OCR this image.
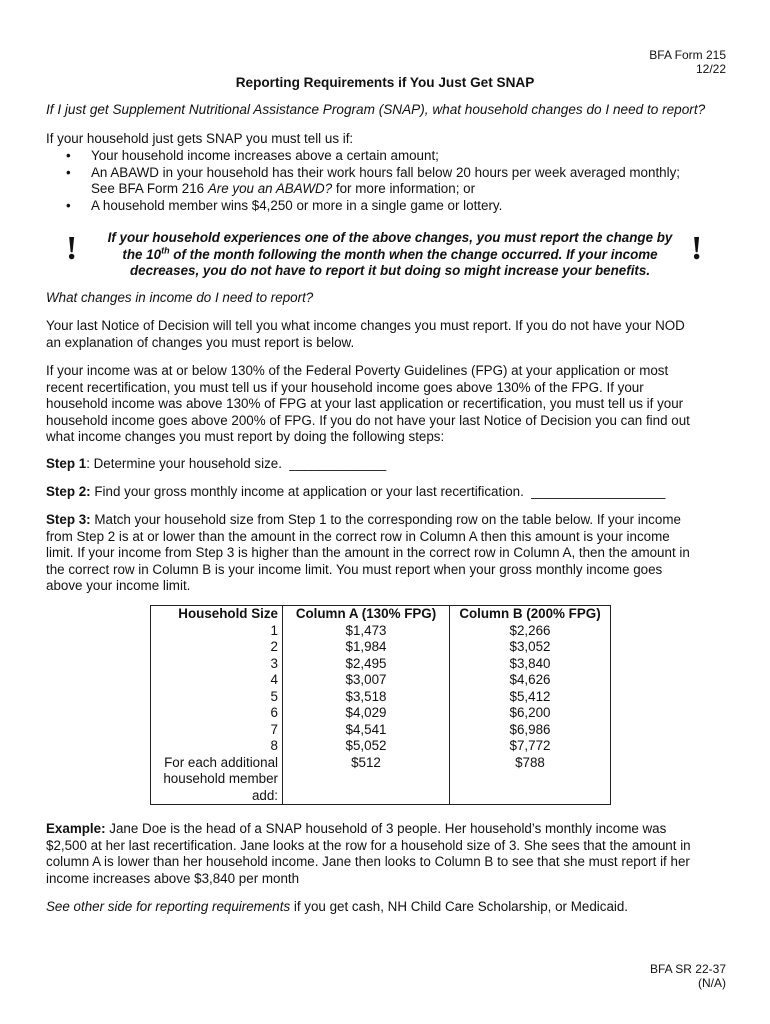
BFA Form 215
12/22
Reporting Requirements if You Just Get SNAP
If I just get Supplement Nutritional Assistance Program (SNAP), what household changes do I need to report?
If your household just gets SNAP you must tell us if:
• Your household income increases above a certain amount;
• An ABAWD in your household has their work hours fall below 20 hours per week averaged monthly;
See BFA Form 216 Are you an ABAWD? for more information; or
• A household member wins $4,250 or more in a single game or lottery.
!	!
If your household experiences one of the above changes, you must report the change by
the 10th of the month following the month when the change occurred. If your income
decreases, you do not have to report it but doing so might increase your benefits.
What changes in income do I need to report?
Your last Notice of Decision will tell you what income changes you must report. If you do not have your NOD
an explanation of changes you must report is below.
If your income was at or below 130% of the Federal Poverty Guidelines (FPG) at your application or most
recent recertification, you must tell us if your household income goes above 130% of the FPG. If your
household income was above 130% of FPG at your last application or recertification, you must tell us if your
household income goes above 200% of FPG. If you do not have your last Notice of Decision you can find out
what income changes you must report by doing the following steps:
Step 1: Determine your household size.  _____________
Step 2: Find your gross monthly income at application or your last recertification.  __________________
Step 3: Match your household size from Step 1 to the corresponding row on the table below. If your income
from Step 2 is at or lower than the amount in the correct row in Column A then this amount is your income
limit. If your income from Step 3 is higher than the amount in the correct row in Column A, then the amount in
the correct row in Column B is your income limit. You must report when your gross monthly income goes
above your income limit.
Household Size	Column A (130% FPG)	Column B (200% FPG)
1	$1,473	$2,266
2	$1,984	$3,052
3	$2,495	$3,840
4	$3,007	$4,626
5	$3,518	$5,412
6	$4,029	$6,200
7	$4,541	$6,986
8	$5,052	$7,772

For each additional
household member
add:	$512	$788
Example: Jane Doe is the head of a SNAP household of 3 people. Her household’s monthly income was
$2,500 at her last recertification. Jane looks at the row for a household size of 3. She sees that the amount in
column A is lower than her household income. Jane then looks to Column B to see that she must report if her
income increases above $3,840 per month
See other side for reporting requirements if you get cash, NH Child Care Scholarship, or Medicaid.
BFA SR 22-37
(N/A)
